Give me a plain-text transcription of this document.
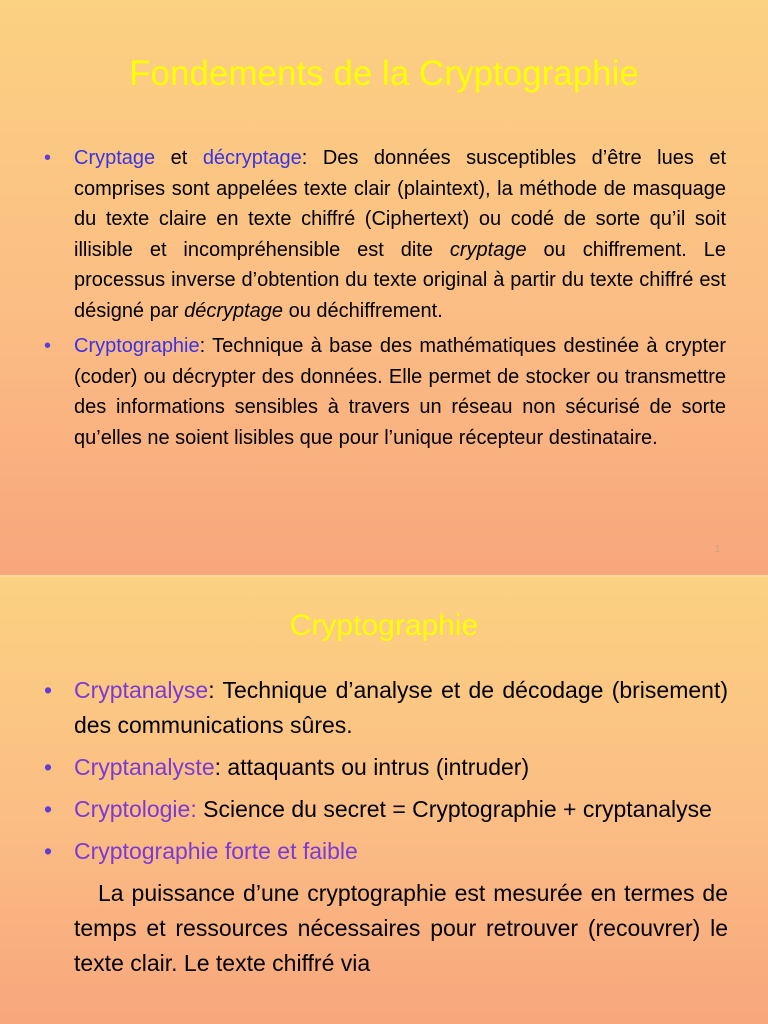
Fondements de la Cryptographie
• Cryptage et décryptage: Des données susceptibles d’être lues et comprises sont appelées texte clair (plaintext), la méthode de masquage du texte claire en texte chiffré (Ciphertext) ou codé de sorte qu’il soit illisible et incompréhensible est dite cryptage ou chiffrement. Le processus inverse d’obtention du texte original à partir du texte chiffré est désigné par décryptage ou déchiffrement.
• Cryptographie: Technique à base des mathématiques destinée à crypter (coder) ou décrypter des données. Elle permet de stocker ou transmettre des informations sensibles à travers un réseau non sécurisé de sorte qu’elles ne soient lisibles que pour l’unique récepteur destinataire.
1
Cryptographie
• Cryptanalyse: Technique d’analyse et de décodage (brisement) des communications sûres.
• Cryptanalyste: attaquants ou intrus (intruder)
• Cryptologie: Science du secret = Cryptographie + cryptanalyse
• Cryptographie forte et faible
La puissance d’une cryptographie est mesurée en termes de temps et ressources nécessaires pour retrouver (recouvrer) le texte clair. Le texte chiffré via
